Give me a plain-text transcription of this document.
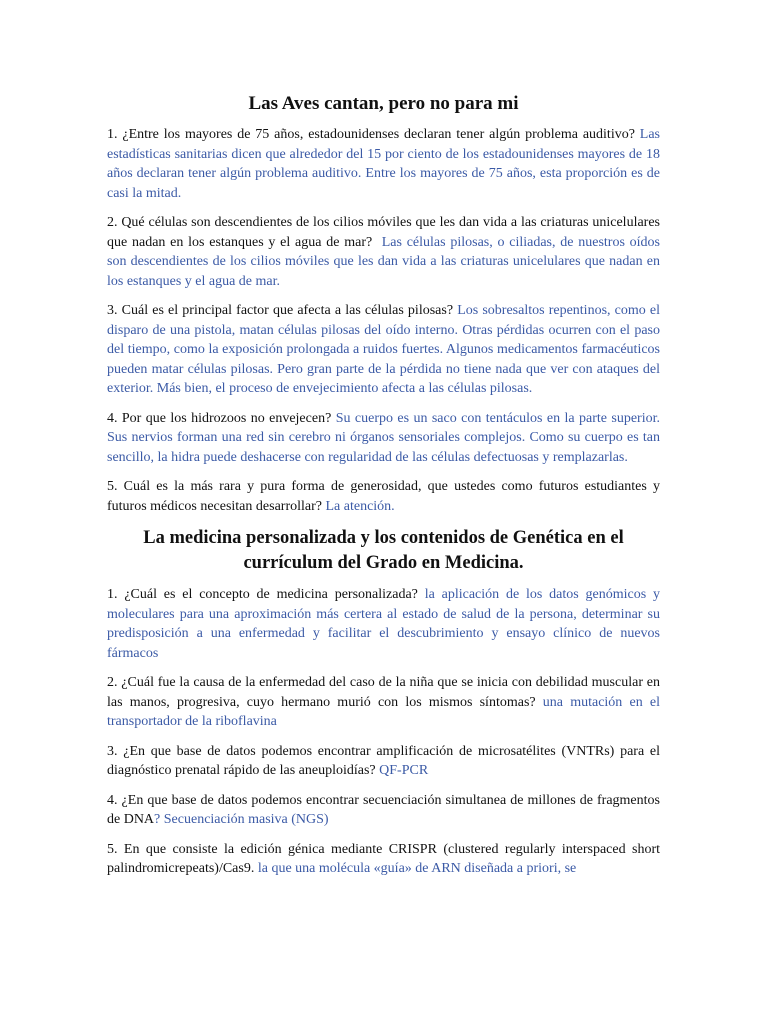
Las Aves cantan, pero no para mi

1. ¿Entre los mayores de 75 años, estadounidenses declaran tener algún problema auditivo? Las estadísticas sanitarias dicen que alrededor del 15 por ciento de los estadounidenses mayores de 18 años declaran tener algún problema auditivo. Entre los mayores de 75 años, esta proporción es de casi la mitad.

2. Qué células son descendientes de los cilios móviles que les dan vida a las criaturas unicelulares que nadan en los estanques y el agua de mar? Las células pilosas, o ciliadas, de nuestros oídos son descendientes de los cilios móviles que les dan vida a las criaturas unicelulares que nadan en los estanques y el agua de mar.

3. Cuál es el principal factor que afecta a las células pilosas? Los sobresaltos repentinos, como el disparo de una pistola, matan células pilosas del oído interno. Otras pérdidas ocurren con el paso del tiempo, como la exposición prolongada a ruidos fuertes. Algunos medicamentos farmacéuticos pueden matar células pilosas. Pero gran parte de la pérdida no tiene nada que ver con ataques del exterior. Más bien, el proceso de envejecimiento afecta a las células pilosas.

4. Por que los hidrozoos no envejecen? Su cuerpo es un saco con tentáculos en la parte superior. Sus nervios forman una red sin cerebro ni órganos sensoriales complejos. Como su cuerpo es tan sencillo, la hidra puede deshacerse con regularidad de las células defectuosas y remplazarlas.

5. Cuál es la más rara y pura forma de generosidad, que ustedes como futuros estudiantes y futuros médicos necesitan desarrollar? La atención.

La medicina personalizada y los contenidos de Genética en el currículum del Grado en Medicina.

1. ¿Cuál es el concepto de medicina personalizada? la aplicación de los datos genómicos y moleculares para una aproximación más certera al estado de salud de la persona, determinar su predisposición a una enfermedad y facilitar el descubrimiento y ensayo clínico de nuevos fármacos

2. ¿Cuál fue la causa de la enfermedad del caso de la niña que se inicia con debilidad muscular en las manos, progresiva, cuyo hermano murió con los mismos síntomas? una mutación en el transportador de la riboflavina

3. ¿En que base de datos podemos encontrar amplificación de microsatélites (VNTRs) para el diagnóstico prenatal rápido de las aneuploidías? QF-PCR

4. ¿En que base de datos podemos encontrar secuenciación simultanea de millones de fragmentos de DNA? Secuenciación masiva (NGS)

5. En que consiste la edición génica mediante CRISPR (clustered regularly interspaced short palindromicrepeats)/Cas9. la que una molécula «guía» de ARN diseñada a priori, se
